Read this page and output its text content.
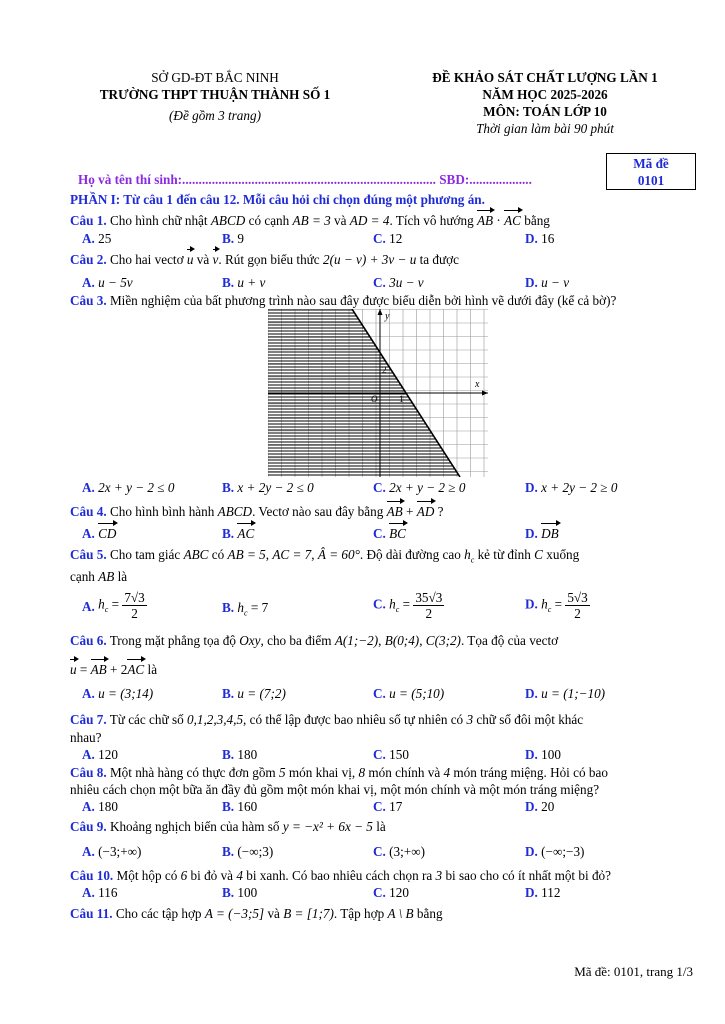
SỞ GD-ĐT BẮC NINH
TRƯỜNG THPT THUẬN THÀNH SỐ 1
(Đề gồm 3 trang)
ĐỀ KHẢO SÁT CHẤT LƯỢNG LẦN 1
NĂM HỌC 2025-2026
MÔN: TOÁN LỚP 10
Thời gian làm bài 90 phút
Mã đề
0101
Họ và tên thí sinh:............................................................................. SBD:...................
PHẦN I: Từ câu 1 đến câu 12. Mỗi câu hỏi chỉ chọn đúng một phương án.
Câu 1. Cho hình chữ nhật ABCD có cạnh AB = 3 và AD = 4. Tích vô hướng AB · AC bằng
A. 25	B. 9	C. 12	D. 16
Câu 2. Cho hai vectơ u và v. Rút gọn biểu thức 2(u − v) + 3v − u ta được
A. u − 5v	B. u + v	C. 3u − v	D. u − v
Câu 3. Miền nghiệm của bất phương trình nào sau đây được biểu diễn bởi hình vẽ dưới đây (kể cả bờ)?
x
y
O
2
1
A. 2x + y − 2 ≤ 0	B. x + 2y − 2 ≤ 0	C. 2x + y − 2 ≥ 0	D. x + 2y − 2 ≥ 0
Câu 4. Cho hình bình hành ABCD. Vectơ nào sau đây bằng AB + AD ?
A. CD	B. AC	C. BC	D. DB
Câu 5. Cho tam giác ABC có AB = 5, AC = 7, Â = 60°. Độ dài đường cao $h_c$ kẻ từ đỉnh C xuống
cạnh AB là
A. $h_c = \frac{7√3}{2}$	B. $h_c = 7$	C. $h_c = \frac{35√3}{2}$	D. $h_c = \frac{5√3}{2}$
Câu 6. Trong mặt phẳng tọa độ Oxy, cho ba điểm A(1;−2), B(0;4), C(3;2). Tọa độ của vectơ
u = AB + 2AC là
A. u = (3;14)	B. u = (7;2)	C. u = (5;10)	D. u = (1;−10)
Câu 7. Từ các chữ số 0,1,2,3,4,5, có thể lập được bao nhiêu số tự nhiên có 3 chữ số đôi một khác
nhau?
A. 120	B. 180	C. 150	D. 100
Câu 8. Một nhà hàng có thực đơn gồm 5 món khai vị, 8 món chính và 4 món tráng miệng. Hỏi có bao
nhiêu cách chọn một bữa ăn đầy đủ gồm một món khai vị, một món chính và một món tráng miệng?
A. 180	B. 160	C. 17	D. 20
Câu 9. Khoảng nghịch biến của hàm số y = −x² + 6x − 5 là
A. (−3;+∞)	B. (−∞;3)	C. (3;+∞)	D. (−∞;−3)
Câu 10. Một hộp có 6 bi đỏ và 4 bi xanh. Có bao nhiêu cách chọn ra 3 bi sao cho có ít nhất một bi đỏ?
A. 116	B. 100	C. 120	D. 112
Câu 11. Cho các tập hợp A = (−3;5] và B = [1;7). Tập hợp A \ B bằng
Mã đề: 0101, trang 1/3
